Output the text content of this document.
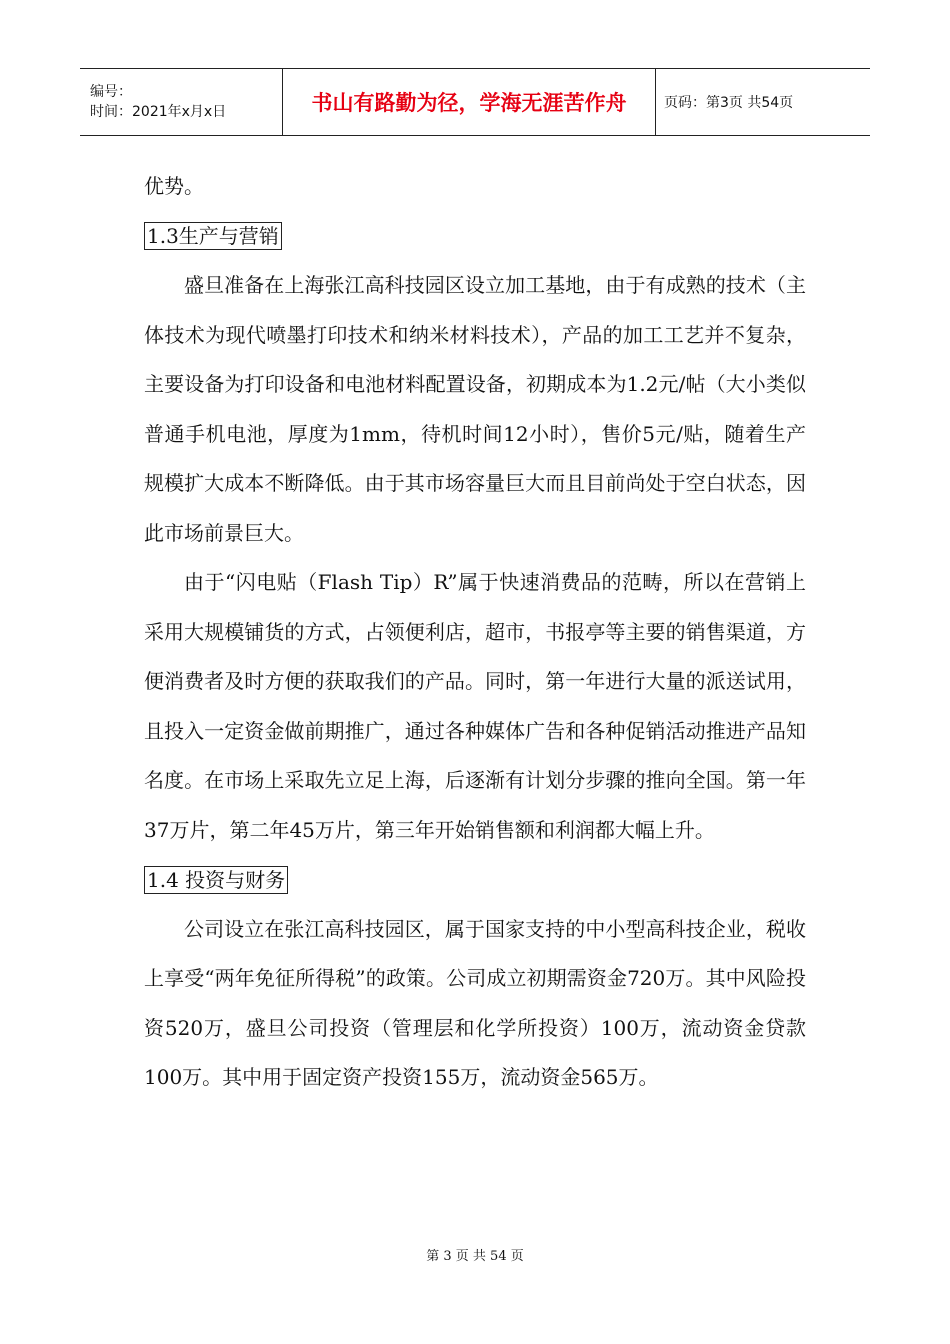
编号：
时间：2021年x月x日	书山有路勤为径，学海无涯苦作舟	页码：第3页 共54页

优势。

1.3生产与营销

盛旦准备在上海张江高科技园区设立加工基地，由于有成熟的技术（主体技术为现代喷墨打印技术和纳米材料技术），产品的加工工艺并不复杂，主要设备为打印设备和电池材料配置设备，初期成本为1.2元/帖（大小类似普通手机电池，厚度为1mm，待机时间12小时），售价5元/贴，随着生产规模扩大成本不断降低。由于其市场容量巨大而且目前尚处于空白状态，因此市场前景巨大。

由于“闪电贴（Flash Tip）R”属于快速消费品的范畴，所以在营销上采用大规模铺货的方式，占领便利店，超市，书报亭等主要的销售渠道，方便消费者及时方便的获取我们的产品。同时，第一年进行大量的派送试用，且投入一定资金做前期推广，通过各种媒体广告和各种促销活动推进产品知名度。在市场上采取先立足上海，后逐渐有计划分步骤的推向全国。第一年37万片，第二年45万片，第三年开始销售额和利润都大幅上升。

1.4 投资与财务

公司设立在张江高科技园区，属于国家支持的中小型高科技企业，税收上享受“两年免征所得税”的政策。公司成立初期需资金720万。其中风险投资520万，盛旦公司投资（管理层和化学所投资）100万，流动资金贷款100万。其中用于固定资产投资155万，流动资金565万。

第 3 页 共 54 页
